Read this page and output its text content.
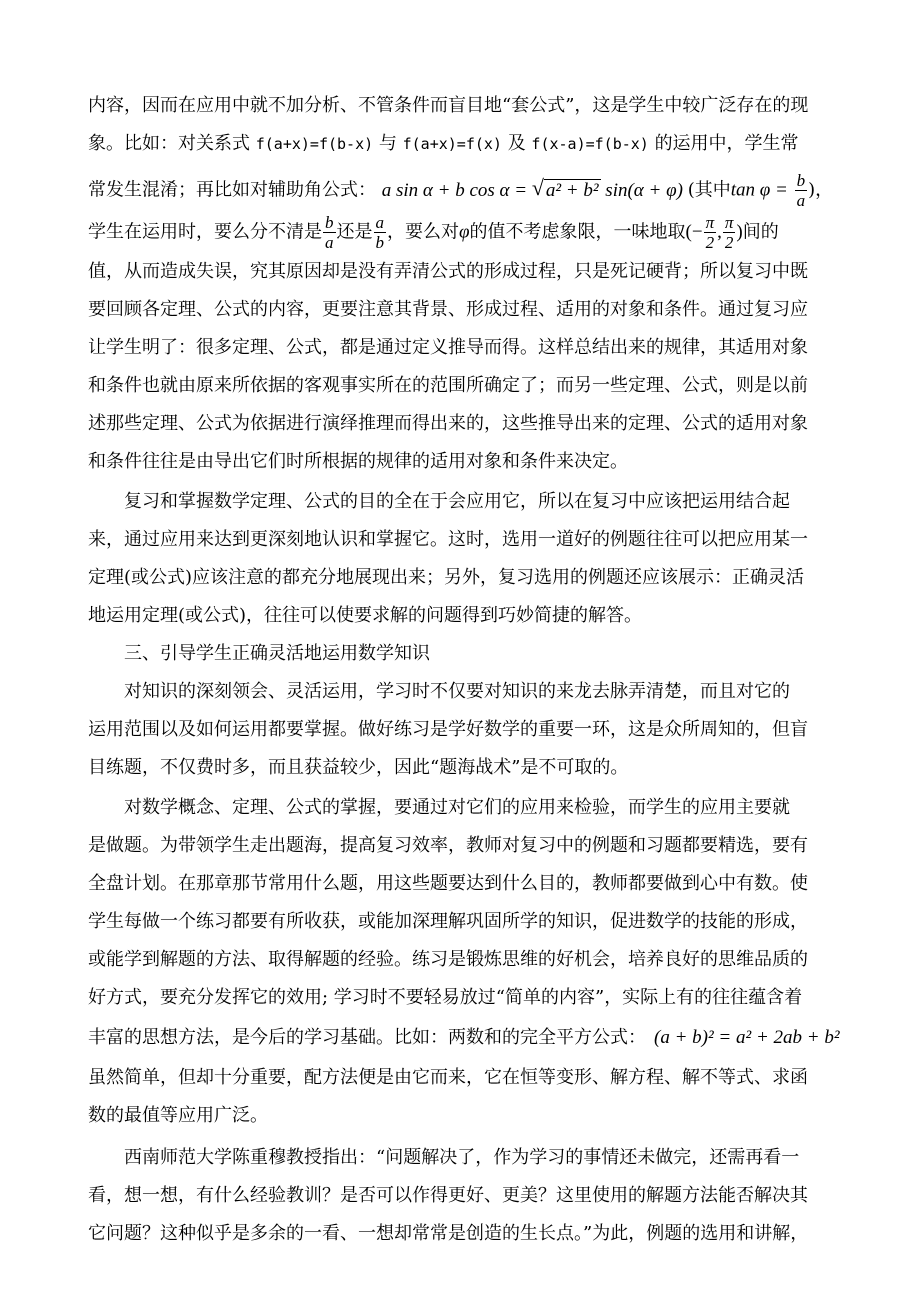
内容，因而在应用中就不加分析、不管条件而盲目地“套公式”，这是学生中较广泛存在的现
象。比如：对关系式 f(a+x)=f(b-x) 与 f(a+x)=f(x) 及 f(x-a)=f(b-x) 的运用中，学生常
常发生混淆；再比如对辅助角公式： a sin α + b cos α = √ a² + b² sin(α + φ) (其中$\tan \varphi = \frac{b}{a}$ )，
学生在运用时，要么分不清是 $\frac{b}{a}$ 还是 $\frac{a}{b}$ ，要么对φ的值不考虑象限，一味地取(− $\frac{\pi}{2}$ , $\frac{\pi}{2}$ )间的
值，从而造成失误，究其原因却是没有弄清公式的形成过程，只是死记硬背；所以复习中既
要回顾各定理、公式的内容，更要注意其背景、形成过程、适用的对象和条件。通过复习应
让学生明了：很多定理、公式，都是通过定义推导而得。这样总结出来的规律，其适用对象
和条件也就由原来所依据的客观事实所在的范围所确定了；而另一些定理、公式，则是以前
述那些定理、公式为依据进行演绎推理而得出来的，这些推导出来的定理、公式的适用对象
和条件往往是由导出它们时所根据的规律的适用对象和条件来决定。
复习和掌握数学定理、公式的目的全在于会应用它，所以在复习中应该把运用结合起
来，通过应用来达到更深刻地认识和掌握它。这时，选用一道好的例题往往可以把应用某一
定理(或公式)应该注意的都充分地展现出来；另外，复习选用的例题还应该展示：正确灵活
地运用定理(或公式)，往往可以使要求解的问题得到巧妙简捷的解答。
三、引导学生正确灵活地运用数学知识
对知识的深刻领会、灵活运用，学习时不仅要对知识的来龙去脉弄清楚，而且对它的
运用范围以及如何运用都要掌握。做好练习是学好数学的重要一环，这是众所周知的，但盲
目练题，不仅费时多，而且获益较少，因此“题海战术”是不可取的。
对数学概念、定理、公式的掌握，要通过对它们的应用来检验，而学生的应用主要就
是做题。为带领学生走出题海，提高复习效率，教师对复习中的例题和习题都要精选，要有
全盘计划。在那章那节常用什么题，用这些题要达到什么目的，教师都要做到心中有数。使
学生每做一个练习都要有所收获，或能加深理解巩固所学的知识，促进数学的技能的形成，
或能学到解题的方法、取得解题的经验。练习是锻炼思维的好机会，培养良好的思维品质的
好方式，要充分发挥它的效用; 学习时不要轻易放过“简单的内容”，实际上有的往往蕴含着
丰富的思想方法，是今后的学习基础。比如：两数和的完全平方公式： (a + b)² = a² + 2ab + b²
虽然简单，但却十分重要，配方法便是由它而来，它在恒等变形、解方程、解不等式、求函
数的最值等应用广泛。
西南师范大学陈重穆教授指出：“问题解决了，作为学习的事情还未做完，还需再看一
看，想一想，有什么经验教训？是否可以作得更好、更美？这里使用的解题方法能否解决其
它问题？这种似乎是多余的一看、一想却常常是创造的生长点。”为此，例题的选用和讲解，
